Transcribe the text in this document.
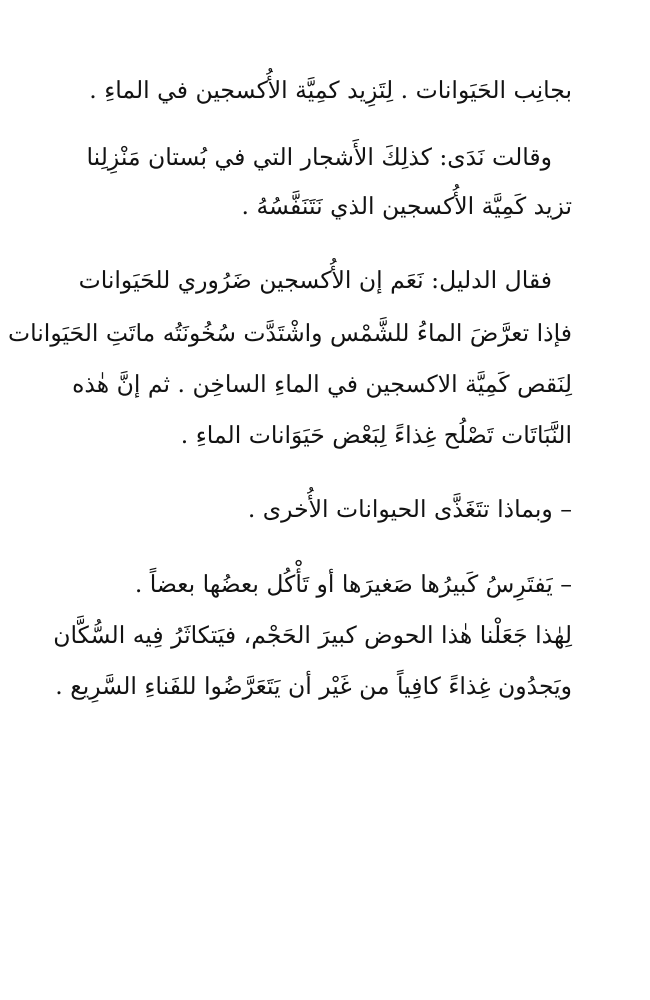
بجانِب الحَيَوانات . لِتَزِيد كمِيَّة الأُكسجين في الماءِ .

وقالت نَدَى: كذلِكَ الأَشجار التي في بُستان مَنْزِلِنا

تزيد كَمِيَّة الأُكسجين الذي نَتَنَفَّسُهُ .

فقال الدليل: نَعَم إن الأُكسجين ضَرُوري للحَيَوانات

فإذا تعرَّضَ الماءُ للشَّمْس واشْتَدَّت سُخُونَتُه ماتَتِ الحَيَوانات

لِنَقص كَمِيَّة الاكسجين في الماءِ الساخِن . ثم إنَّ هٰذه

النَّبَاتَات تَصْلُح غِذاءً لِبَعْض حَيَوَانات الماءِ .

– وبماذا تتَغَذَّى الحيوانات الأُخرى .

– يَفتَرِسُ كَبيرُها صَغيرَها أو تَأْكُل بعضُها بعضاً .

لِهٰذا جَعَلْنا هٰذا الحوض كبيرَ الحَجْم، فيَتكاثَرُ فِيه السُّكَّان

ويَجدُون غِذاءً كافِياً من غَيْر أن يَتَعَرَّضُوا للفَناءِ السَّرِيع .
